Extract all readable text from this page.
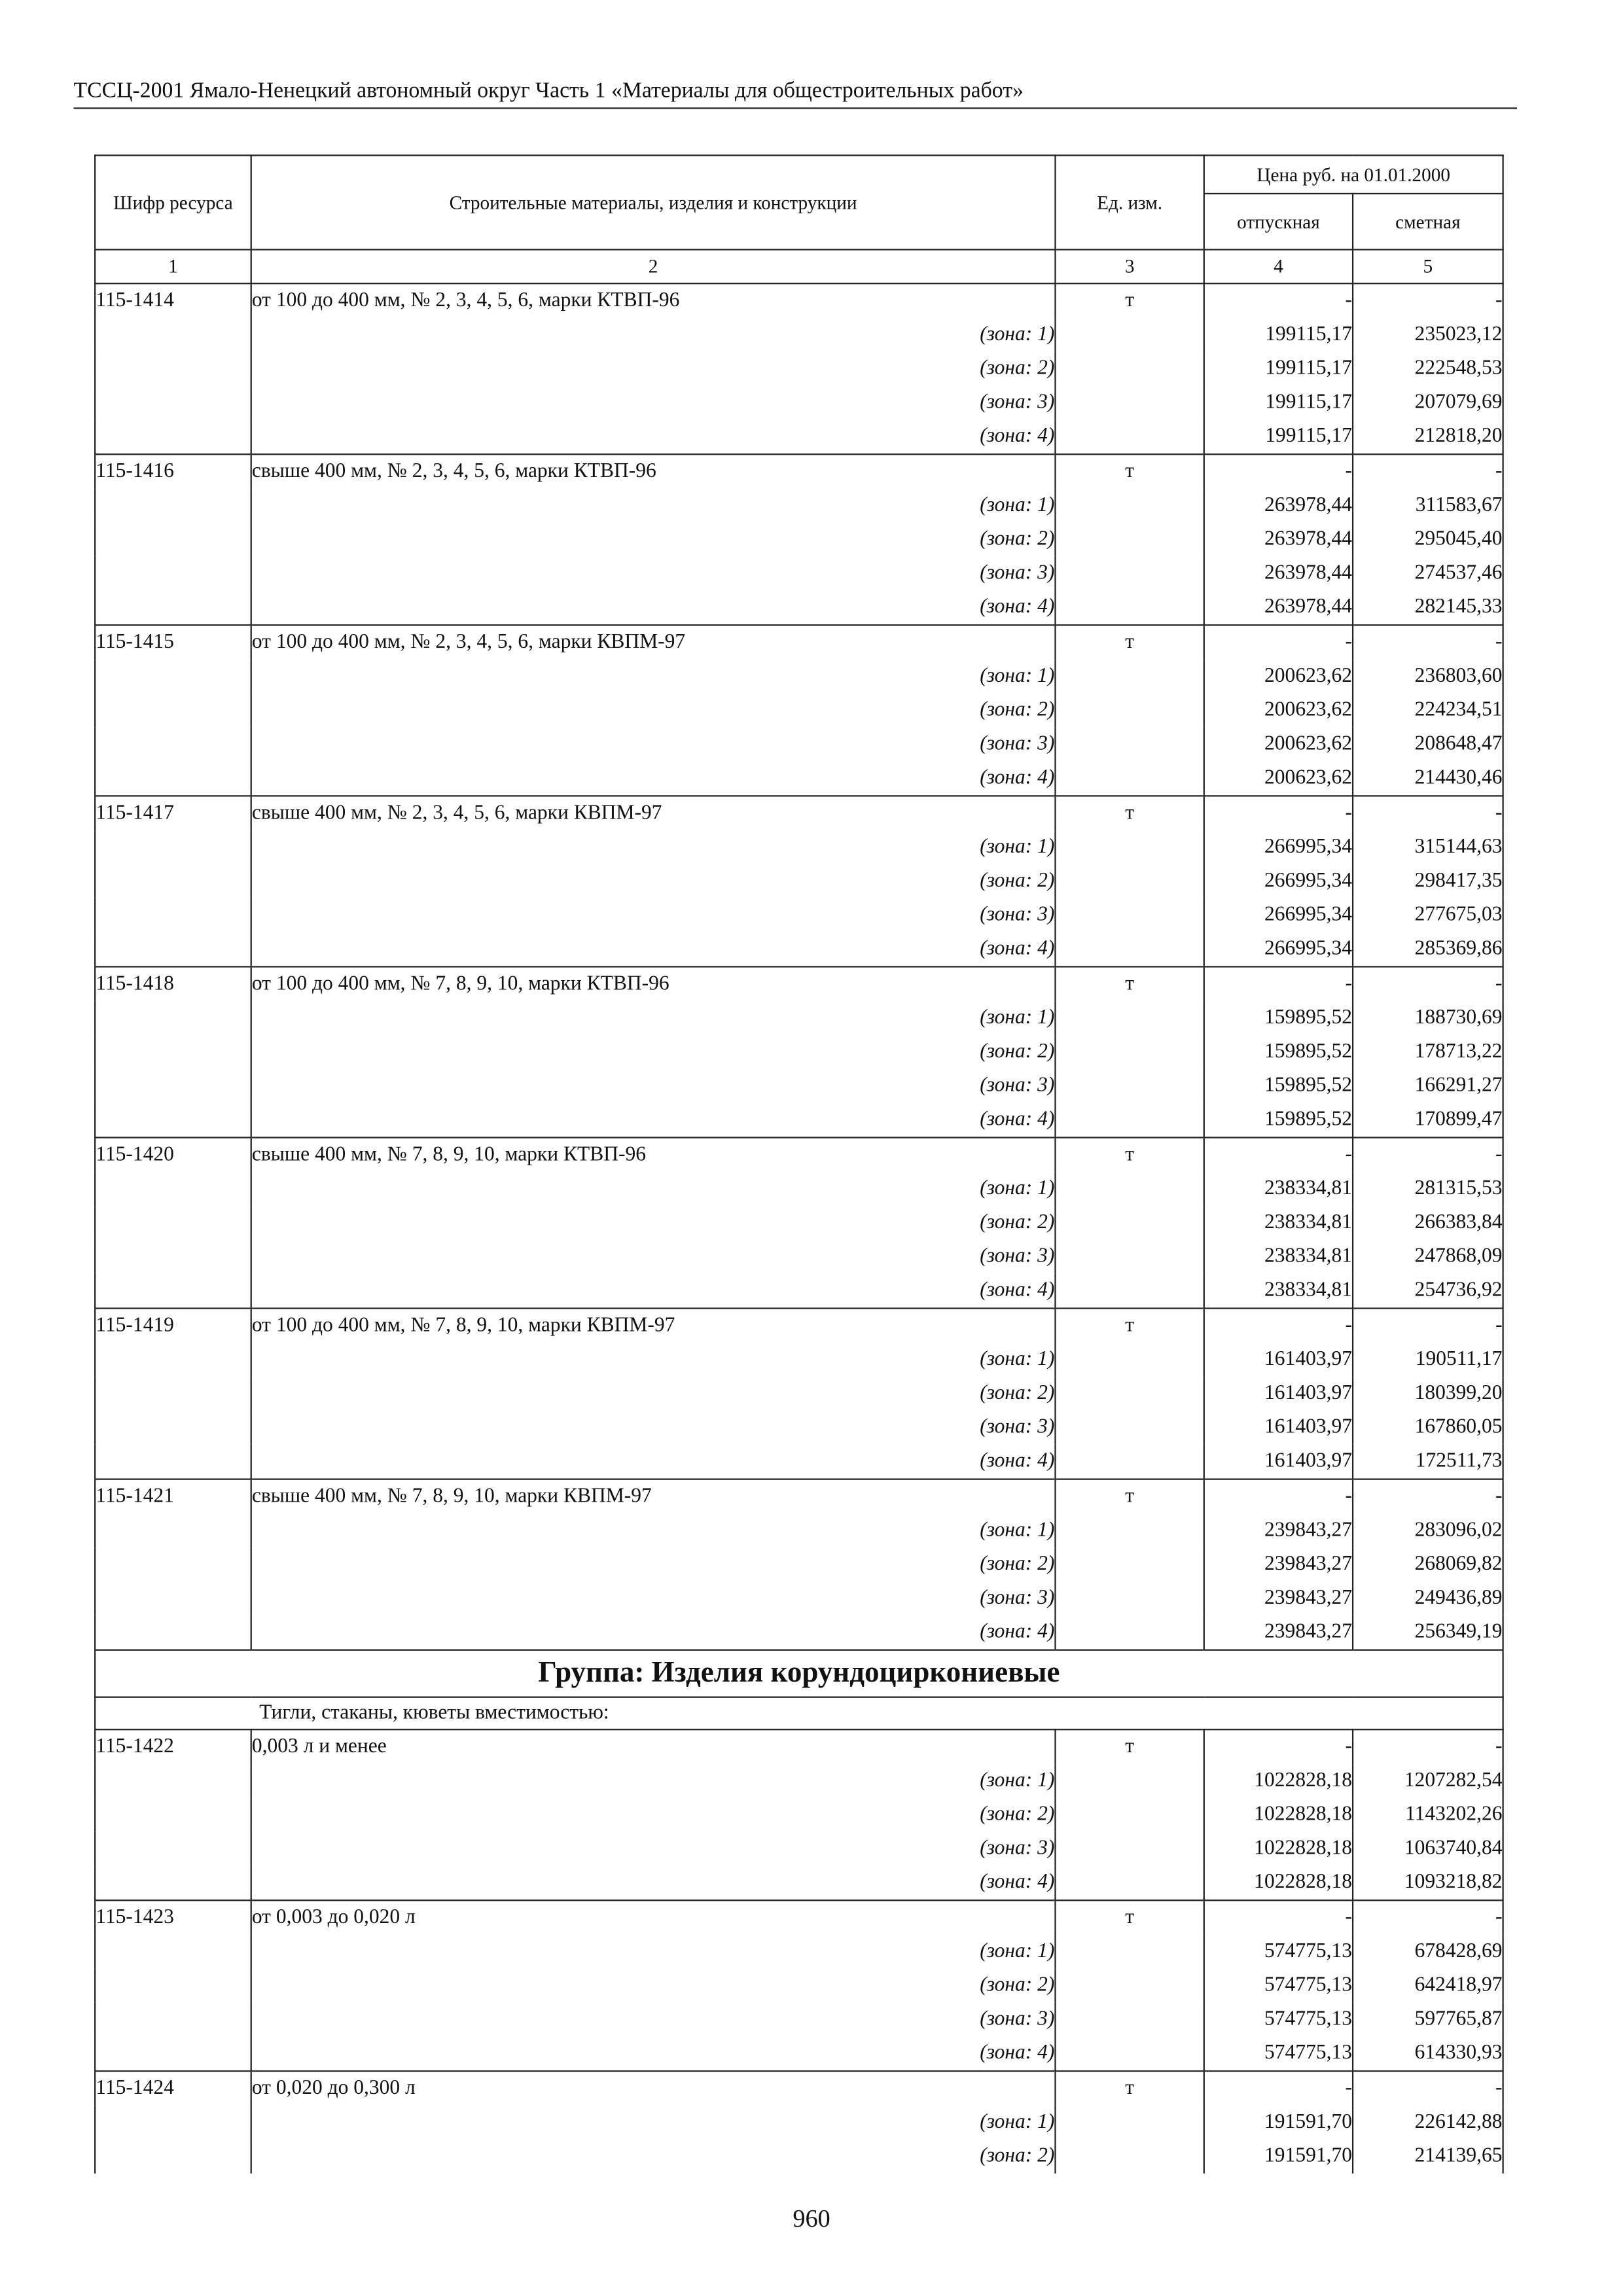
ТССЦ-2001 Ямало-Ненецкий автономный округ Часть 1 «Материалы для общестроительных работ»
Шифр ресурса	Строительные материалы, изделия и конструкции	Ед. изм.	Цена руб. на 01.01.2000	
			отпускная	сметная
1	2	3	4	5
115-1414	от 100 до 400 мм, № 2, 3, 4, 5, 6, марки КТВП-96	т	-	-
	(зона: 1)		199115,17	235023,12
	(зона: 2)		199115,17	222548,53
	(зона: 3)		199115,17	207079,69
	(зона: 4)		199115,17	212818,20
115-1416	свыше 400 мм, № 2, 3, 4, 5, 6, марки КТВП-96	т	-	-
	(зона: 1)		263978,44	311583,67
	(зона: 2)		263978,44	295045,40
	(зона: 3)		263978,44	274537,46
	(зона: 4)		263978,44	282145,33
115-1415	от 100 до 400 мм, № 2, 3, 4, 5, 6, марки КВПМ-97	т	-	-
	(зона: 1)		200623,62	236803,60
	(зона: 2)		200623,62	224234,51
	(зона: 3)		200623,62	208648,47
	(зона: 4)		200623,62	214430,46
115-1417	свыше 400 мм, № 2, 3, 4, 5, 6, марки КВПМ-97	т	-	-
	(зона: 1)		266995,34	315144,63
	(зона: 2)		266995,34	298417,35
	(зона: 3)		266995,34	277675,03
	(зона: 4)		266995,34	285369,86
115-1418	от 100 до 400 мм, № 7, 8, 9, 10, марки КТВП-96	т	-	-
	(зона: 1)		159895,52	188730,69
	(зона: 2)		159895,52	178713,22
	(зона: 3)		159895,52	166291,27
	(зона: 4)		159895,52	170899,47
115-1420	свыше 400 мм, № 7, 8, 9, 10, марки КТВП-96	т	-	-
	(зона: 1)		238334,81	281315,53
	(зона: 2)		238334,81	266383,84
	(зона: 3)		238334,81	247868,09
	(зона: 4)		238334,81	254736,92
115-1419	от 100 до 400 мм, № 7, 8, 9, 10, марки КВПМ-97	т	-	-
	(зона: 1)		161403,97	190511,17
	(зона: 2)		161403,97	180399,20
	(зона: 3)		161403,97	167860,05
	(зона: 4)		161403,97	172511,73
115-1421	свыше 400 мм, № 7, 8, 9, 10, марки КВПМ-97	т	-	-
	(зона: 1)		239843,27	283096,02
	(зона: 2)		239843,27	268069,82
	(зона: 3)		239843,27	249436,89
	(зона: 4)		239843,27	256349,19
Группа: Изделия корундоциркониевые				
Тигли, стаканы, кюветы вместимостью:				
115-1422	0,003 л и менее	т	-	-
	(зона: 1)		1022828,18	1207282,54
	(зона: 2)		1022828,18	1143202,26
	(зона: 3)		1022828,18	1063740,84
	(зона: 4)		1022828,18	1093218,82
115-1423	от 0,003 до 0,020 л	т	-	-
	(зона: 1)		574775,13	678428,69
	(зона: 2)		574775,13	642418,97
	(зона: 3)		574775,13	597765,87
	(зона: 4)		574775,13	614330,93
115-1424	от 0,020 до 0,300 л	т	-	-
	(зона: 1)		191591,70	226142,88
	(зона: 2)		191591,70	214139,65
960
